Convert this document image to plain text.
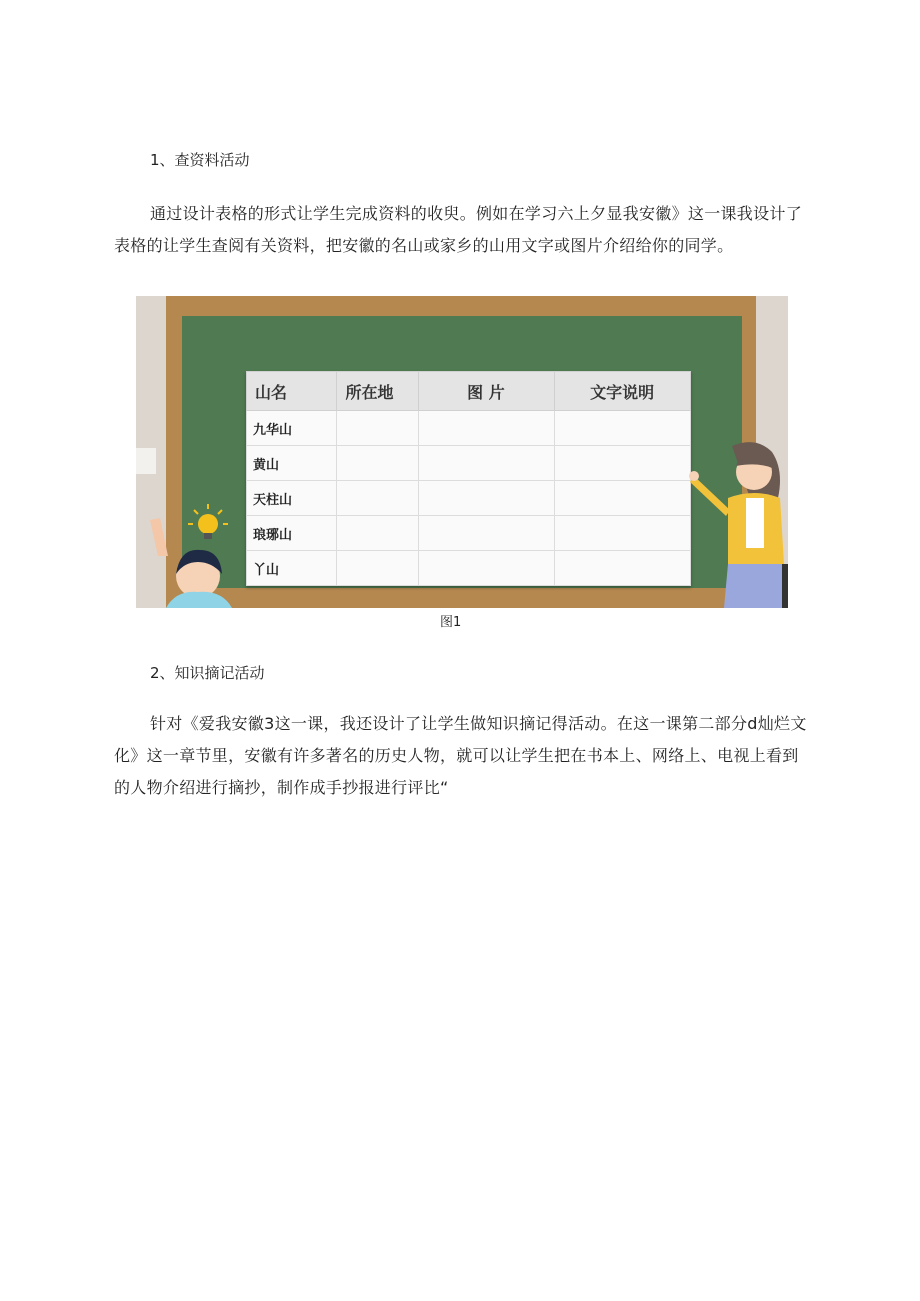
1、查资料活动

通过设计表格的形式让学生完成资料的收臾。例如在学习六上夕显我安徽》这一课我设计了表格的让学生查阅有关资料，把安徽的名山或家乡的山用文字或图片介绍给你的同学。

山名	所在地	图 片	文字说明
九华山			
黄山			
天柱山			
琅琊山			
丫山			
图1

2、知识摘记活动

针对《爱我安徽3这一课，我还设计了让学生做知识摘记得活动。在这一课第二部分d灿烂文化》这一章节里，安徽有许多著名的历史人物，就可以让学生把在书本上、网络上、电视上看到的人物介绍进行摘抄，制作成手抄报进行评比“
